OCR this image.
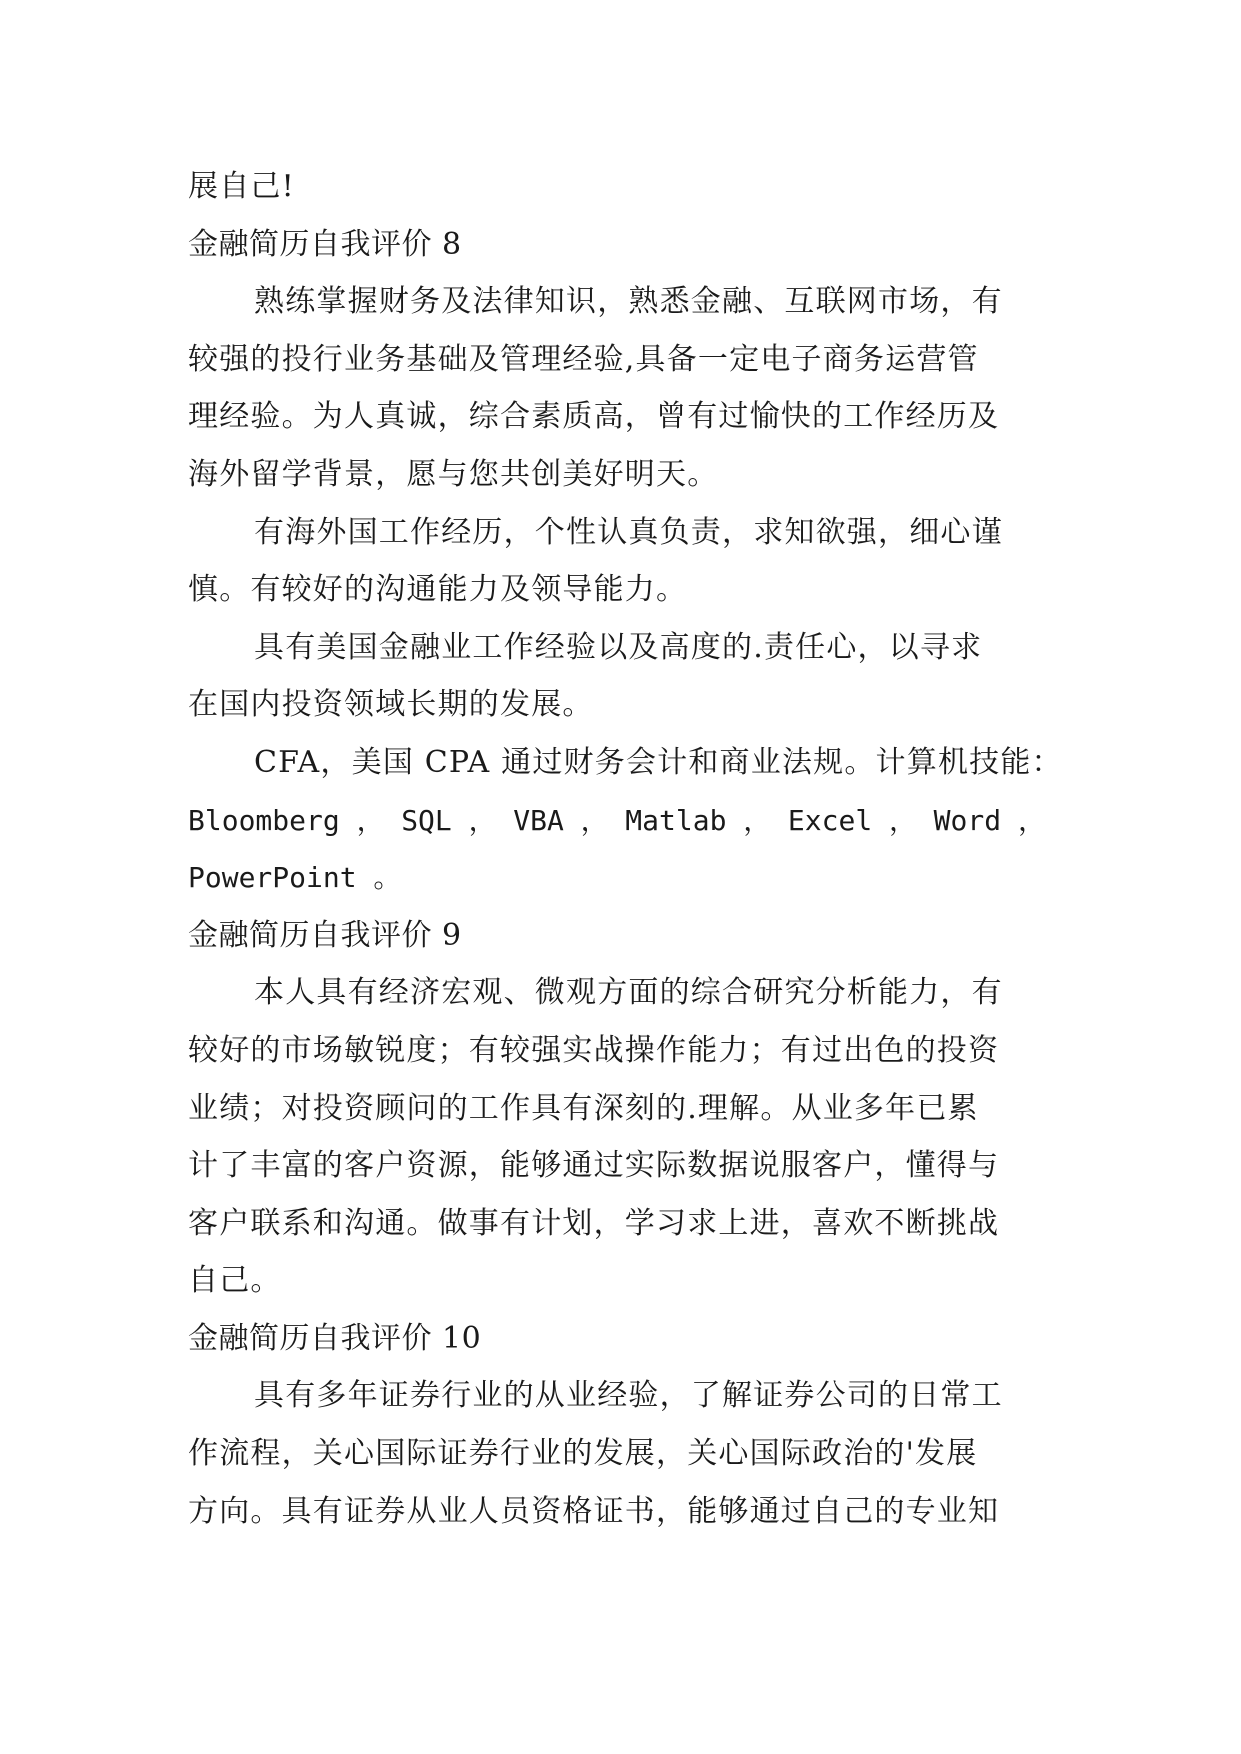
展自己!
金融简历自我评价 8
熟练掌握财务及法律知识，熟悉金融、互联网市场，有
较强的投行业务基础及管理经验,具备一定电子商务运营管
理经验。为人真诚，综合素质高，曾有过愉快的工作经历及
海外留学背景，愿与您共创美好明天。
有海外国工作经历，个性认真负责，求知欲强，细心谨
慎。有较好的沟通能力及领导能力。
具有美国金融业工作经验以及高度的.责任心，以寻求
在国内投资领域长期的发展。
CFA，美国 CPA 通过财务会计和商业法规。计算机技能：
Bloomberg ， SQL ， VBA ， Matlab ， Excel ， Word ，
PowerPoint 。
金融简历自我评价 9
本人具有经济宏观、微观方面的综合研究分析能力，有
较好的市场敏锐度；有较强实战操作能力；有过出色的投资
业绩；对投资顾问的工作具有深刻的.理解。从业多年已累
计了丰富的客户资源，能够通过实际数据说服客户，懂得与
客户联系和沟通。做事有计划，学习求上进，喜欢不断挑战
自己。
金融简历自我评价 10
具有多年证券行业的从业经验，了解证券公司的日常工
作流程，关心国际证券行业的发展，关心国际政治的'发展
方向。具有证券从业人员资格证书，能够通过自己的专业知
